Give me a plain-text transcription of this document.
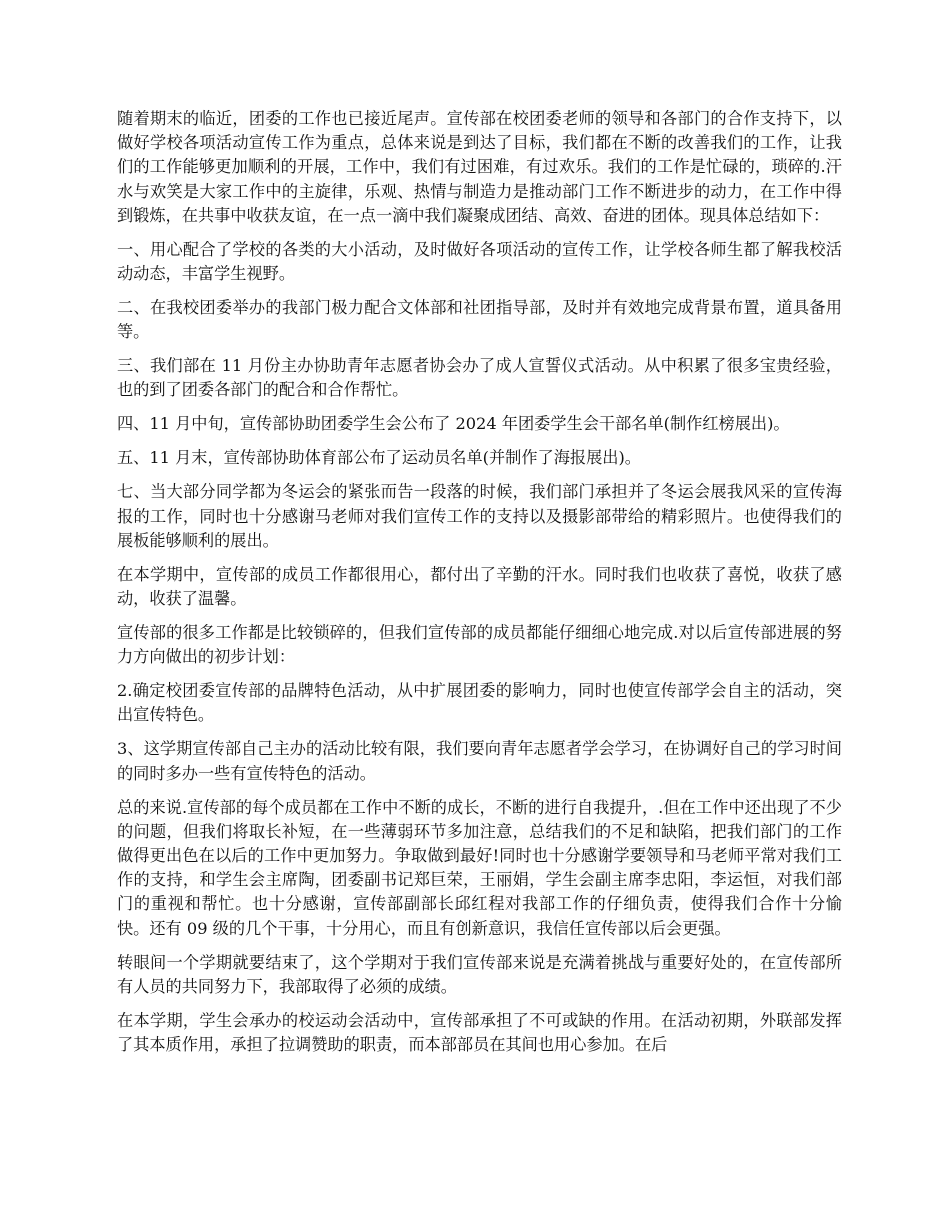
随着期末的临近，团委的工作也已接近尾声。宣传部在校团委老师的领导和各部门的合作支持下，以做好学校各项活动宣传工作为重点，总体来说是到达了目标，我们都在不断的改善我们的工作，让我们的工作能够更加顺利的开展，工作中，我们有过困难，有过欢乐。我们的工作是忙碌的，琐碎的.汗水与欢笑是大家工作中的主旋律，乐观、热情与制造力是推动部门工作不断进步的动力，在工作中得到锻炼，在共事中收获友谊，在一点一滴中我们凝聚成团结、高效、奋进的团体。现具体总结如下：

一、用心配合了学校的各类的大小活动，及时做好各项活动的宣传工作，让学校各师生都了解我校活动动态，丰富学生视野。

二、在我校团委举办的我部门极力配合文体部和社团指导部，及时并有效地完成背景布置，道具备用等。

三、我们部在 11 月份主办协助青年志愿者协会办了成人宣誓仪式活动。从中积累了很多宝贵经验，也的到了团委各部门的配合和合作帮忙。

四、11 月中旬，宣传部协助团委学生会公布了 2024 年团委学生会干部名单(制作红榜展出)。

五、11 月末，宣传部协助体育部公布了运动员名单(并制作了海报展出)。

七、当大部分同学都为冬运会的紧张而告一段落的时候，我们部门承担并了冬运会展我风采的宣传海报的工作，同时也十分感谢马老师对我们宣传工作的支持以及摄影部带给的精彩照片。也使得我们的展板能够顺利的展出。

在本学期中，宣传部的成员工作都很用心，都付出了辛勤的汗水。同时我们也收获了喜悦，收获了感动，收获了温馨。

宣传部的很多工作都是比较锁碎的，但我们宣传部的成员都能仔细细心地完成.对以后宣传部进展的努力方向做出的初步计划：

2.确定校团委宣传部的品牌特色活动，从中扩展团委的影响力，同时也使宣传部学会自主的活动，突出宣传特色。

3、这学期宣传部自己主办的活动比较有限，我们要向青年志愿者学会学习，在协调好自己的学习时间的同时多办一些有宣传特色的活动。

总的来说.宣传部的每个成员都在工作中不断的成长，不断的进行自我提升，.但在工作中还出现了不少的问题，但我们将取长补短，在一些薄弱环节多加注意，总结我们的不足和缺陷，把我们部门的工作做得更出色在以后的工作中更加努力。争取做到最好!同时也十分感谢学要领导和马老师平常对我们工作的支持，和学生会主席陶，团委副书记郑巨荣，王丽娟，学生会副主席李忠阳，李运恒，对我们部门的重视和帮忙。也十分感谢，宣传部副部长邱红程对我部工作的仔细负责，使得我们合作十分愉快。还有 09 级的几个干事，十分用心，而且有创新意识，我信任宣传部以后会更强。

转眼间一个学期就要结束了，这个学期对于我们宣传部来说是充满着挑战与重要好处的，在宣传部所有人员的共同努力下，我部取得了必须的成绩。

在本学期，学生会承办的校运动会活动中，宣传部承担了不可或缺的作用。在活动初期，外联部发挥了其本质作用，承担了拉调赞助的职责，而本部部员在其间也用心参加。在后
